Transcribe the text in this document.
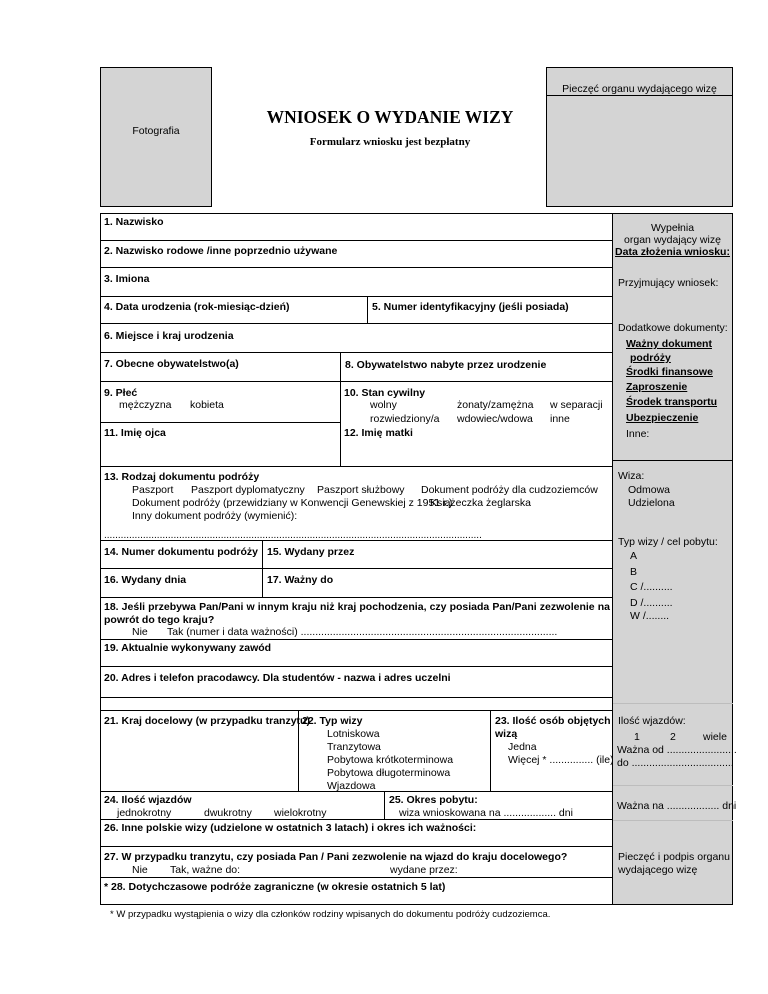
Fotografia
WNIOSEK O WYDANIE WIZY
Formularz wniosku jest bezpłatny
Pieczęć organu wydającego wizę
Wypełnia
organ wydający wizę
Data złożenia wniosku:
Przyjmujący wniosek:
Dodatkowe dokumenty:
Ważny dokument
podróży
Środki finansowe
Zaproszenie
Środek transportu
Ubezpieczenie
Inne:
Wiza:
Odmowa
Udzielona
Typ wizy / cel pobytu:
A
B
C /..........
D /..........
W /........
Ilość wjazdów:
1	2	wiele
Ważna od ........................
do ...................................
Ważna na .................. dni
Pieczęć i podpis organu wydającego wizę
1. Nazwisko
2. Nazwisko rodowe /inne poprzednio używane
3. Imiona
4. Data urodzenia (rok-miesiąc-dzień)	5. Numer identyfikacyjny (jeśli posiada)
6. Miejsce i kraj urodzenia
7. Obecne obywatelstwo(a)	8. Obywatelstwo nabyte przez urodzenie
9. Płeć
mężczyzna kobieta
10. Stan cywilny
wolny	żonaty/zamężna w separacji
rozwiedziony/a wdowiec/wdowa inne
11. Imię ojca	12. Imię matki
13. Rodzaj dokumentu podróży
Paszport Paszport dyplomatyczny Paszport służbowy Dokument podróży dla cudzoziemców
Dokument podróży (przewidziany w Konwencji Genewskiej z 1951 r.)
Książeczka żeglarska
Inny dokument podróży (wymienić):
........................................................................................................................................
14. Numer dokumentu podróży 15. Wydany przez
16. Wydany dnia	17. Ważny do
18. Jeśli przebywa Pan/Pani w innym kraju niż kraj pochodzenia, czy posiada Pan/Pani zezwolenie na powrót do tego kraju?
Nie Tak (numer i data ważności) ........................................................................................
19. Aktualnie wykonywany zawód
20. Adres i telefon pracodawcy. Dla studentów - nazwa i adres uczelni
21. Kraj docelowy (w przypadku tranzytu)
22. Typ wizy
Lotniskowa
Tranzytowa
Pobytowa krótkoterminowa
Pobytowa długoterminowa
Wjazdowa
23. Ilość osób objętych
wizą
Jedna
Więcej * ............... (ile)
24. Ilość wjazdów
jednokrotny	dwukrotny wielokrotny
25. Okres pobytu:
wiza wnioskowana na .................. dni
26. Inne polskie wizy (udzielone w ostatnich 3 latach) i okres ich ważności:
27. W przypadku tranzytu, czy posiada Pan / Pani zezwolenie na wjazd do kraju docelowego?
Nie Tak, ważne do:	wydane przez:
* 28. Dotychczasowe podróże zagraniczne (w okresie ostatnich 5 lat)
* W przypadku wystąpienia o wizy dla członków rodziny wpisanych do dokumentu podróży cudzoziemca.
